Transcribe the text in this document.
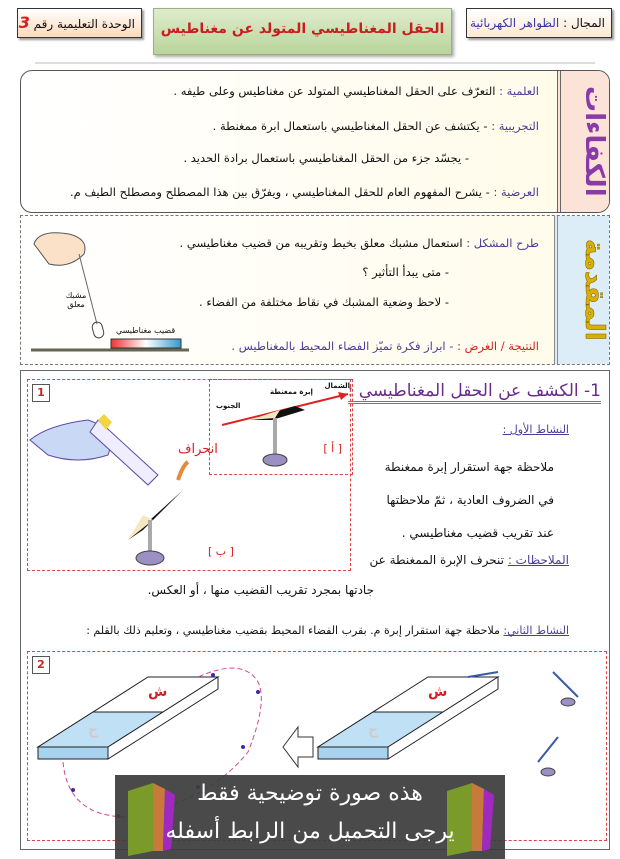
المجال : الظواهر الكهربائية
الحقل المغناطيسي المتولد عن مغناطيس
الوحدة التعليمية رقم 3
الكفاءات
العلمية : التعرّف على الحقل المغناطيسي المتولد عن مغناطيس وعلى طيفه .
التجريبية : - يكتشف عن الحقل المغناطيسي باستعمال ابرة ممغنطة .
- يجسّد جزء من الحقل المغناطيسي باستعمال برادة الحديد .
العرضية : - يشرح المفهوم العام للحقل المغناطيسي ، ويفرّق بين هذا المصطلح ومصطلح الطيف م.
المقدمة
طرح المشكل : استعمال مشبك معلق بخيط وتقريبه من قضيب مغناطيسي .
- متى يبدأ التأثير ؟
- لاحظ وضعية المشبك في نقاط مختلفة من الفضاء .
النتيجة / الغرض : - ابراز فكرة تميّز الفضاء المحيط بالمغناطيس .
مشبك معلق
قضيب مغناطيسي
1- الكشف عن الحقل المغناطيسي :
النشاط الأول :
ملاحظة جهة استقرار إبرة ممغنطة
في الضروف العادية ، ثمّ ملاحظتها
عند تقريب قضيب مغناطيسي .
الملاحظات : تنحرف الإبرة الممغنطة عن
جادتها بمجرد تقريب القضيب منها ، أو العكس.
النشاط الثاني: ملاحظة جهة استقرار إبرة م. بقرب الفضاء المحيط بقضيب مغناطيسي ، وتعليم ذلك بالقلم :
1	الشمال
إبرة ممغنطة
الجنوب
[ أ ]
انحراف
[ ب ]
2
ش
ج
ش
ج
هذه صورة توضيحية فقط
يرجى التحميل من الرابط أسفله
